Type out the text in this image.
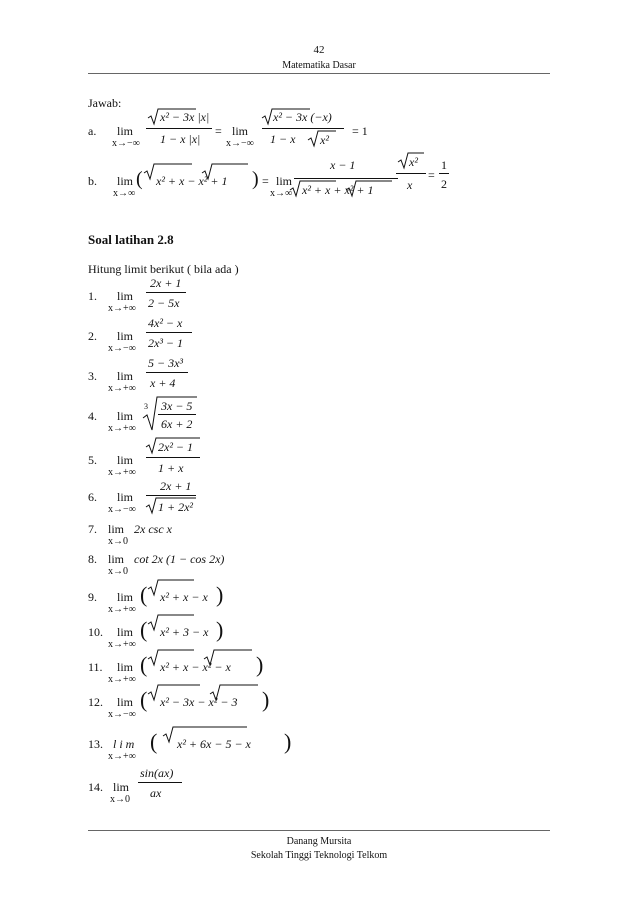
42
Matematika Dasar
Jawab:
a. lim
x→−∞
x² − 3x |x|
1 − x |x|
= lim
x→−∞
x² − 3x (−x)
1 − x x²
= 1
b. lim
x→∞
( x² + x − x² + 1 ) = lim
x→∞
x − 1
x² + x + x² + 1
x²
x
=
1
2
Soal latihan 2.8
Hitung limit berikut ( bila ada )
1. lim
x→+∞
2x + 1
2 − 5x
2. lim
x→−∞
4x² − x
2x³ − 1
3. lim
x→+∞
5 − 3x³
x + 4
4. lim
x→+∞
3 3x − 5
6x + 2
5. lim
x→+∞
2x² − 1
1 + x
6. lim
x→−∞
2x + 1
1 + 2x²
7. lim
x→0
2x csc x
8. lim
x→0
cot 2x (1 − cos 2x)
9. lim
x→+∞
( x² + x − x )
10. lim
x→+∞
( x² + 3 − x )
11. lim
x→+∞
( x² + x − x² − x )
12. lim
x→−∞
( x² − 3x − x² − 3 )
13. l i m
x→+∞
( x² + 6x − 5 − x )
14. lim
x→0
sin(ax)
ax
Danang Mursita
Sekolah Tinggi Teknologi Telkom
